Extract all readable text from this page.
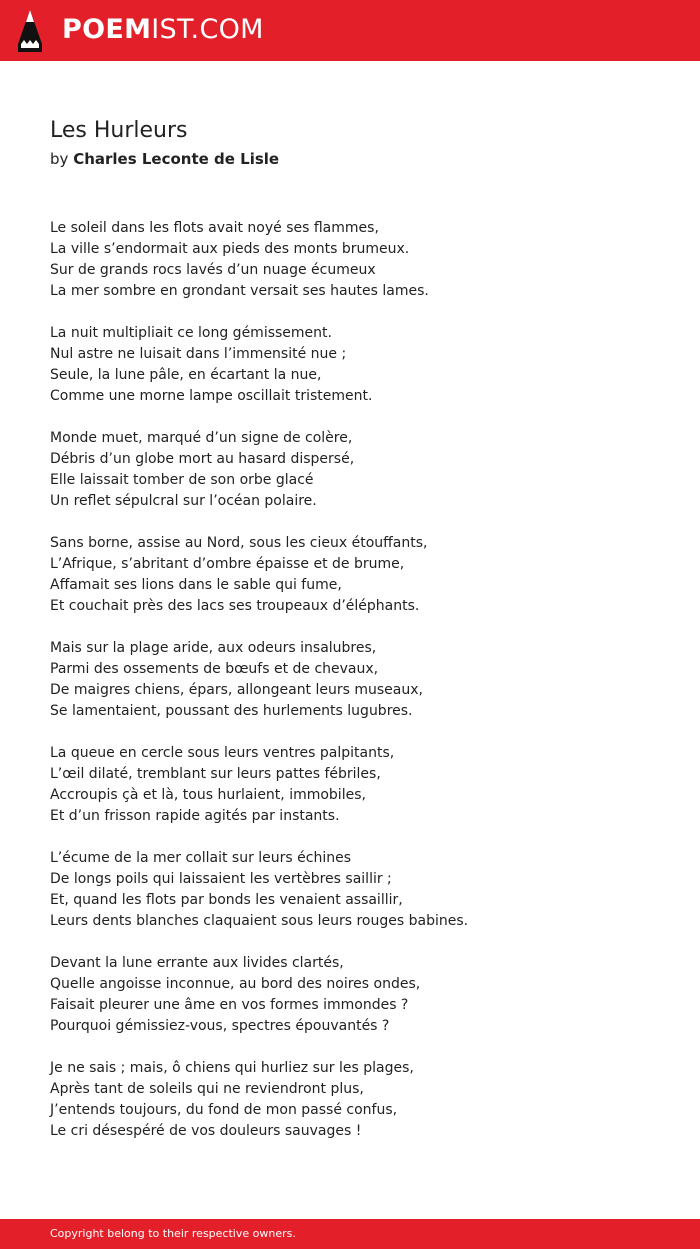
POEMIST.COM
Les Hurleurs
by Charles Leconte de Lisle
Le soleil dans les flots avait noyé ses flammes,
La ville s’endormait aux pieds des monts brumeux.
Sur de grands rocs lavés d’un nuage écumeux
La mer sombre en grondant versait ses hautes lames.
La nuit multipliait ce long gémissement.
Nul astre ne luisait dans l’immensité nue ;
Seule, la lune pâle, en écartant la nue,
Comme une morne lampe oscillait tristement.
Monde muet, marqué d’un signe de colère,
Débris d’un globe mort au hasard dispersé,
Elle laissait tomber de son orbe glacé
Un reflet sépulcral sur l’océan polaire.
Sans borne, assise au Nord, sous les cieux étouffants,
L’Afrique, s’abritant d’ombre épaisse et de brume,
Affamait ses lions dans le sable qui fume,
Et couchait près des lacs ses troupeaux d’éléphants.
Mais sur la plage aride, aux odeurs insalubres,
Parmi des ossements de bœufs et de chevaux,
De maigres chiens, épars, allongeant leurs museaux,
Se lamentaient, poussant des hurlements lugubres.
La queue en cercle sous leurs ventres palpitants,
L’œil dilaté, tremblant sur leurs pattes fébriles,
Accroupis çà et là, tous hurlaient, immobiles,
Et d’un frisson rapide agités par instants.
L’écume de la mer collait sur leurs échines
De longs poils qui laissaient les vertèbres saillir ;
Et, quand les flots par bonds les venaient assaillir,
Leurs dents blanches claquaient sous leurs rouges babines.
Devant la lune errante aux livides clartés,
Quelle angoisse inconnue, au bord des noires ondes,
Faisait pleurer une âme en vos formes immondes ?
Pourquoi gémissiez-vous, spectres épouvantés ?
Je ne sais ; mais, ô chiens qui hurliez sur les plages,
Après tant de soleils qui ne reviendront plus,
J’entends toujours, du fond de mon passé confus,
Le cri désespéré de vos douleurs sauvages !
Copyright belong to their respective owners.
